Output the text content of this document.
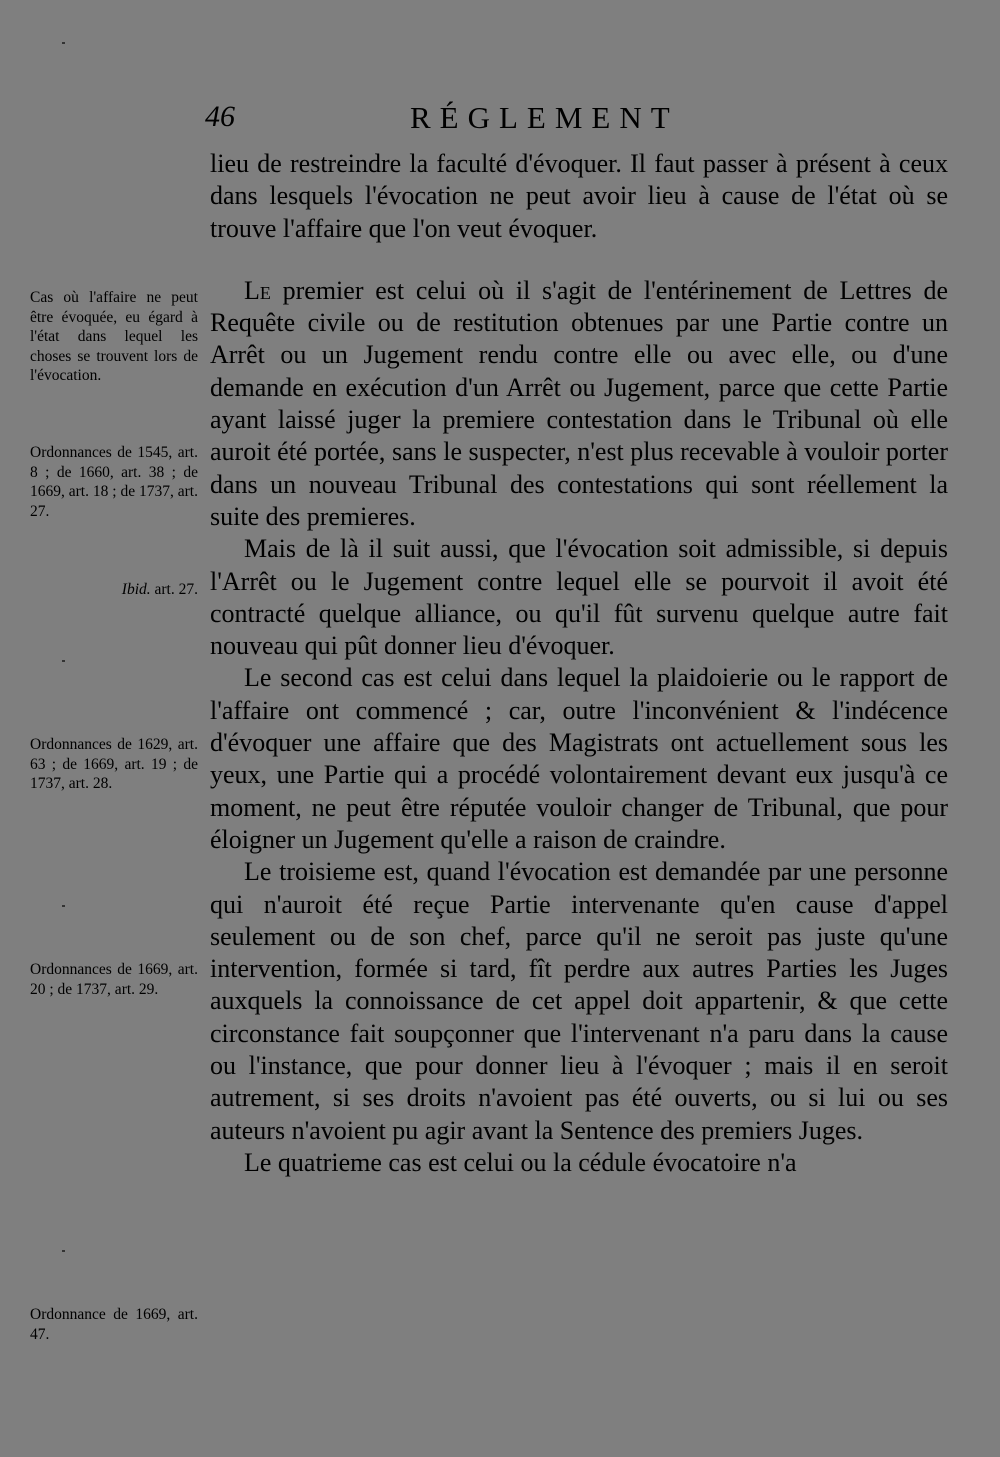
46	RÉGLEMENT
Cas où l'affaire ne peut être évoquée, eu égard à l'état dans lequel les choses se trouvent lors de l'évocation.
Ordonnances de 1545, art. 8 ; de 1660, art. 38 ; de 1669, art. 18 ; de 1737, art. 27.
Ibid. art. 27.
Ordonnances de 1629, art. 63 ; de 1669, art. 19 ; de 1737, art. 28.
Ordonnances de 1669, art. 20 ; de 1737, art. 29.
Ordonnance de 1669, art. 47.

lieu de restreindre la faculté d'évoquer. Il faut passer à présent à ceux dans lesquels l'évocation ne peut avoir lieu à cause de l'état où se trouve l'affaire que l'on veut évoquer.

Le premier est celui où il s'agit de l'entérinement de Lettres de Requête civile ou de restitution obtenues par une Partie contre un Arrêt ou un Jugement rendu contre elle ou avec elle, ou d'une demande en exécution d'un Arrêt ou Jugement, parce que cette Partie ayant laissé juger la premiere contestation dans le Tribunal où elle auroit été portée, sans le suspecter, n'est plus recevable à vouloir porter dans un nouveau Tribunal des contestations qui sont réellement la suite des premieres.

Mais de là il suit aussi, que l'évocation soit admissible, si depuis l'Arrêt ou le Jugement contre lequel elle se pourvoit il avoit été contracté quelque alliance, ou qu'il fût survenu quelque autre fait nouveau qui pût donner lieu d'évoquer.

Le second cas est celui dans lequel la plaidoierie ou le rapport de l'affaire ont commencé ; car, outre l'inconvénient & l'indécence d'évoquer une affaire que des Magistrats ont actuellement sous les yeux, une Partie qui a procédé volontairement devant eux jusqu'à ce moment, ne peut être réputée vouloir changer de Tribunal, que pour éloigner un Jugement qu'elle a raison de craindre.

Le troisieme est, quand l'évocation est demandée par une personne qui n'auroit été reçue Partie intervenante qu'en cause d'appel seulement ou de son chef, parce qu'il ne seroit pas juste qu'une intervention, formée si tard, fît perdre aux autres Parties les Juges auxquels la connoissance de cet appel doit appartenir, & que cette circonstance fait soupçonner que l'intervenant n'a paru dans la cause ou l'instance, que pour donner lieu à l'évoquer ; mais il en seroit autrement, si ses droits n'avoient pas été ouverts, ou si lui ou ses auteurs n'avoient pu agir avant la Sentence des premiers Juges.

Le quatrieme cas est celui ou la cédule évocatoire n'a
